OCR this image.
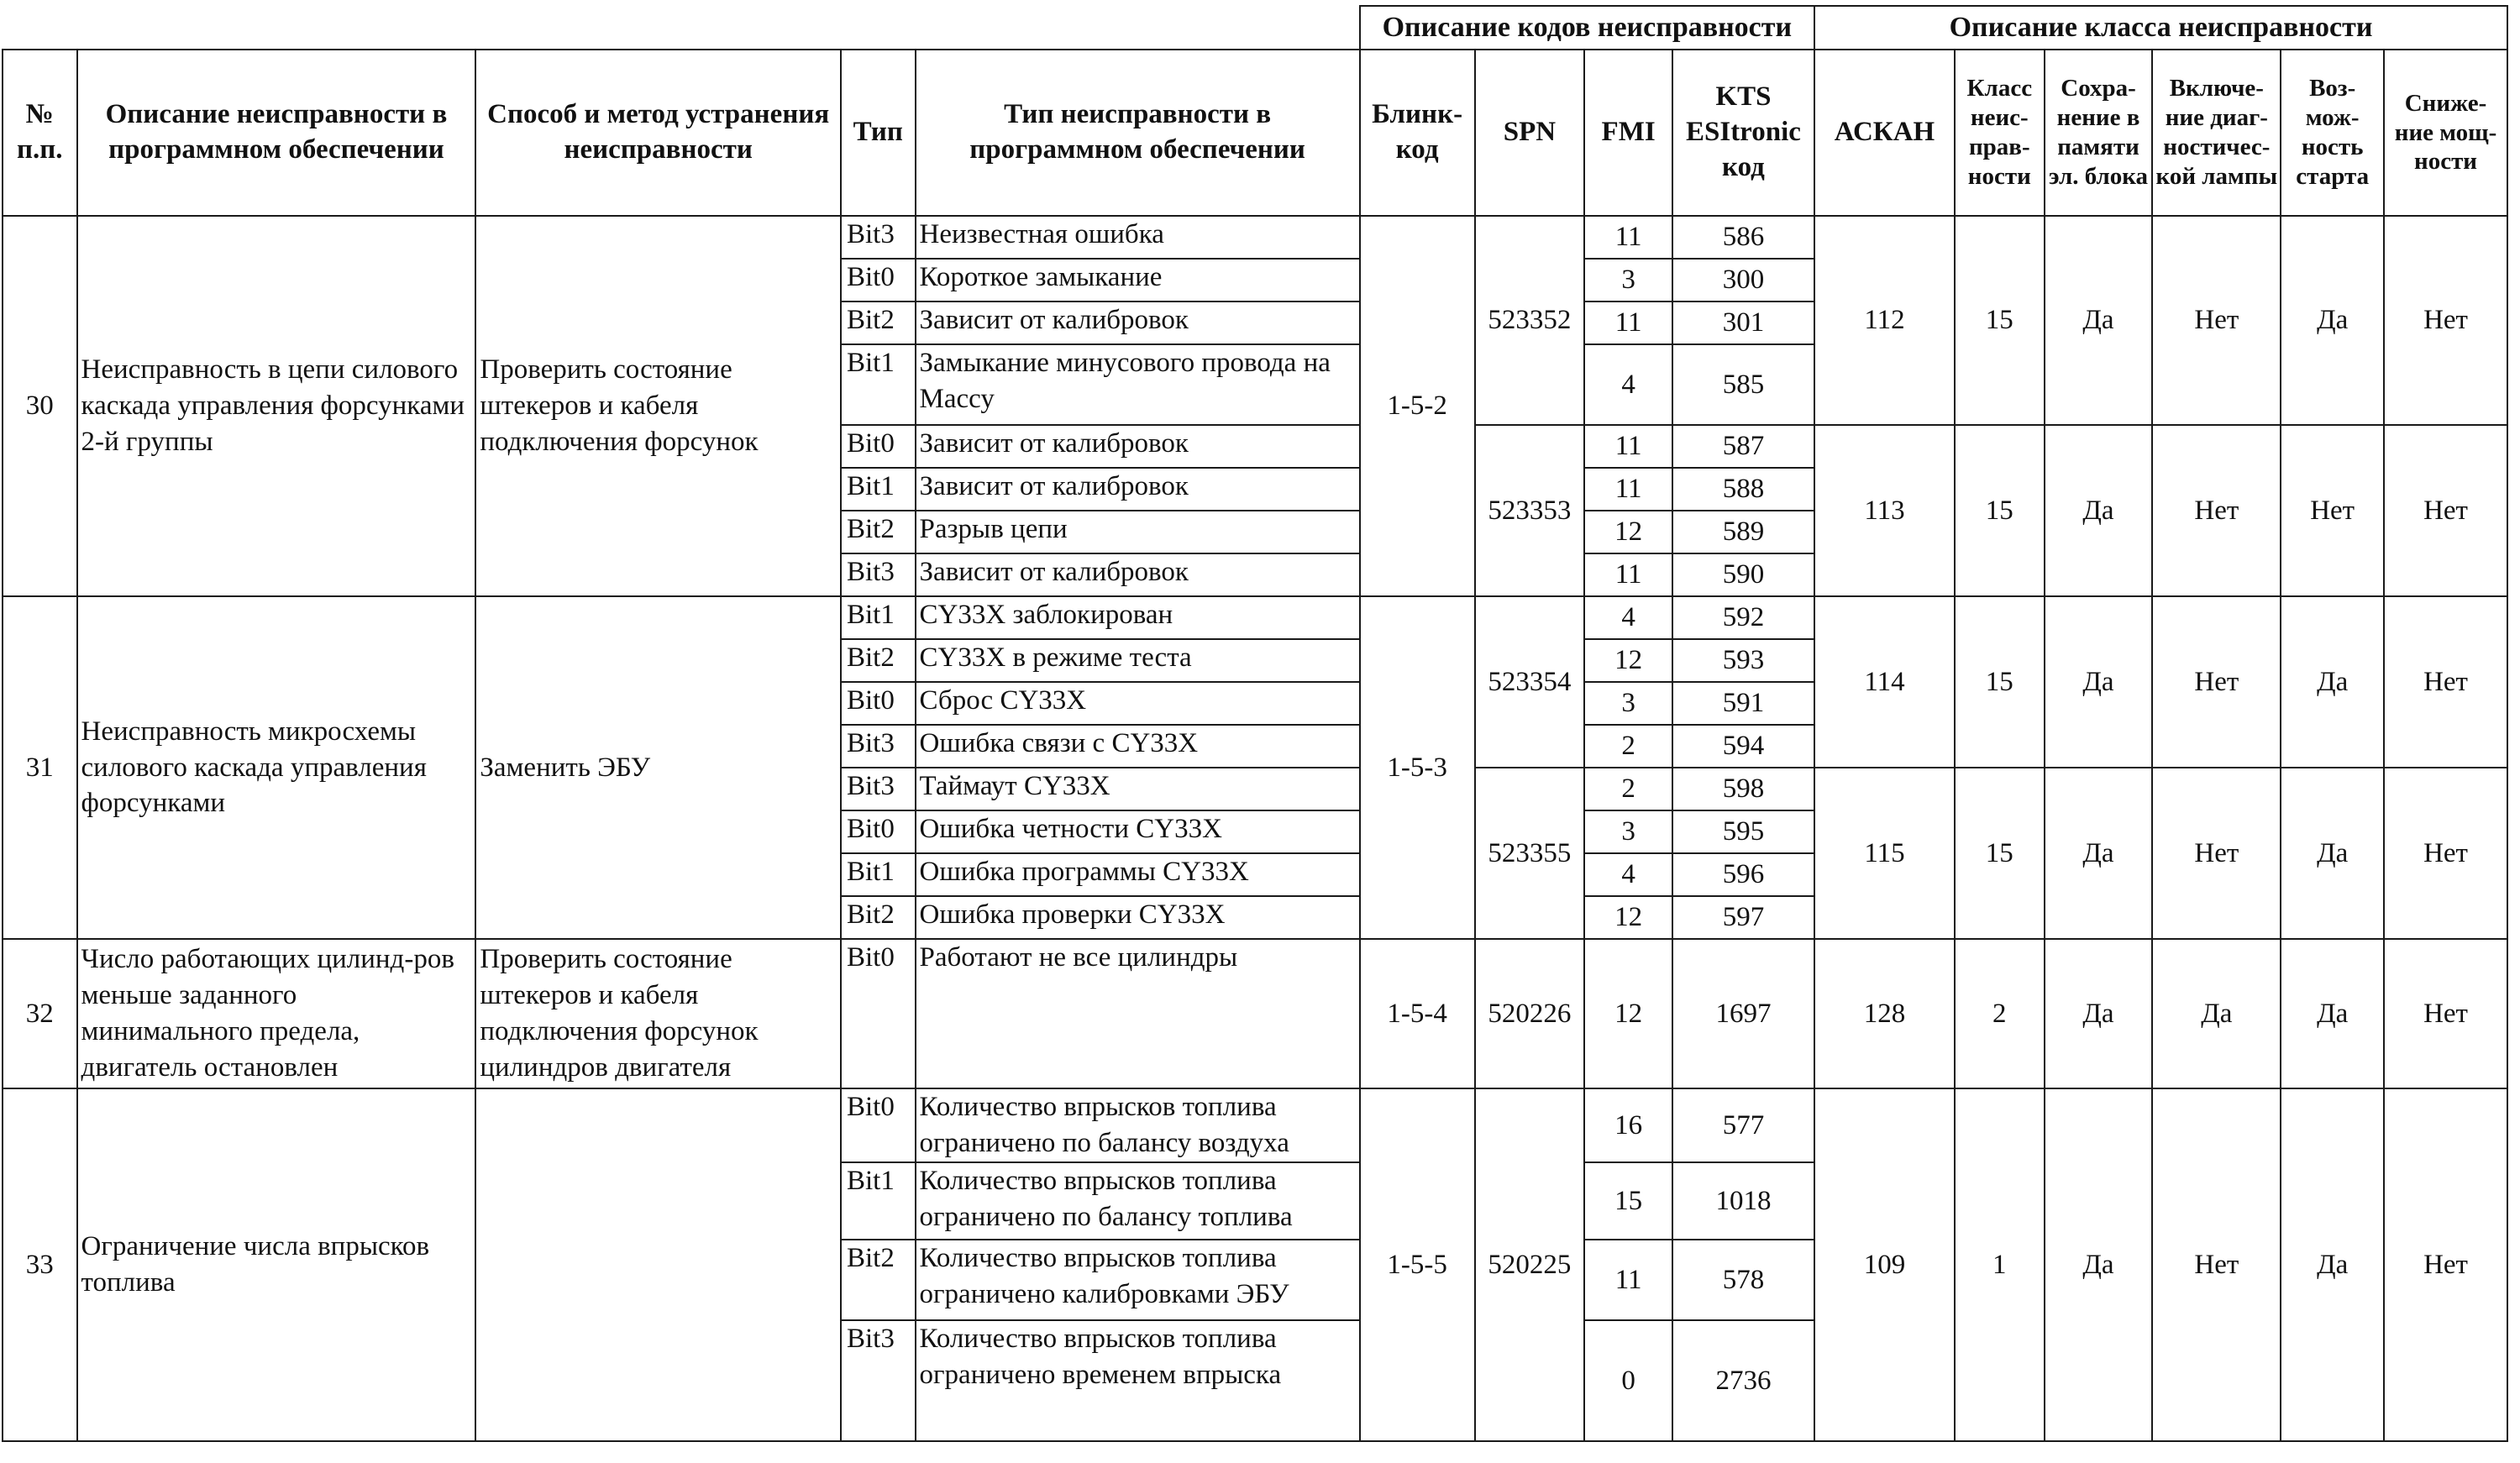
					Описание кодов неисправности				Описание класса неисправности					
№ п.п.	Описание неисправности в программном обеспечении	Способ и метод устранения неисправности	Тип	Тип неисправности в программном обеспечении	Блинк-код	SPN	FMI	KTS ESItronic код	АСКАН	Класс неис-прав-ности	Сохра-нение в памяти эл. блока	Включе-ние диаг-ностичес-кой лампы	Воз-мож-ность старта	Сниже-ние мощ-ности
30	Неисправность в цепи силового каскада управления форсунками 2-й группы	Проверить состояние штекеров и кабеля подключения форсунок	Bit3	Неизвестная ошибка	1-5-2	523352	11	586	112	15	Да	Нет	Да	Нет
			Bit0	Короткое замыкание			3	300						
			Bit2	Зависит от калибровок			11	301						
			Bit1	Замыкание минусового провода на Массу			4	585						
			Bit0	Зависит от калибровок		523353	11	587	113	15	Да	Нет	Нет	Нет
			Bit1	Зависит от калибровок			11	588						
			Bit2	Разрыв цепи			12	589						
			Bit3	Зависит от калибровок			11	590						
31	Неисправность микросхемы силового каскада управления форсунками	Заменить ЭБУ	Bit1	CY33X заблокирован	1-5-3	523354	4	592	114	15	Да	Нет	Да	Нет
			Bit2	CY33X в режиме теста			12	593						
			Bit0	Сброс CY33X			3	591						
			Bit3	Ошибка связи с CY33X			2	594						
			Bit3	Таймаут CY33X		523355	2	598	115	15	Да	Нет	Да	Нет
			Bit0	Ошибка четности CY33X			3	595						
			Bit1	Ошибка программы CY33X			4	596						
			Bit2	Ошибка проверки CY33X			12	597						
32	Число работающих цилинд-ров меньше заданного минимального предела, двигатель остановлен	Проверить состояние штекеров и кабеля подключения форсунок цилиндров двигателя	Bit0	Работают не все цилиндры	1-5-4	520226	12	1697	128	2	Да	Да	Да	Нет
33	Ограничение числа впрысков топлива		Bit0	Количество впрысков топлива ограничено по балансу воздуха	1-5-5	520225	16	577	109	1	Да	Нет	Да	Нет
			Bit1	Количество впрысков топлива ограничено по балансу топлива			15	1018						
			Bit2	Количество впрысков топлива ограничено калибровками ЭБУ			11	578						
			Bit3	Количество впрысков топлива ограничено временем впрыска			0	2736						
